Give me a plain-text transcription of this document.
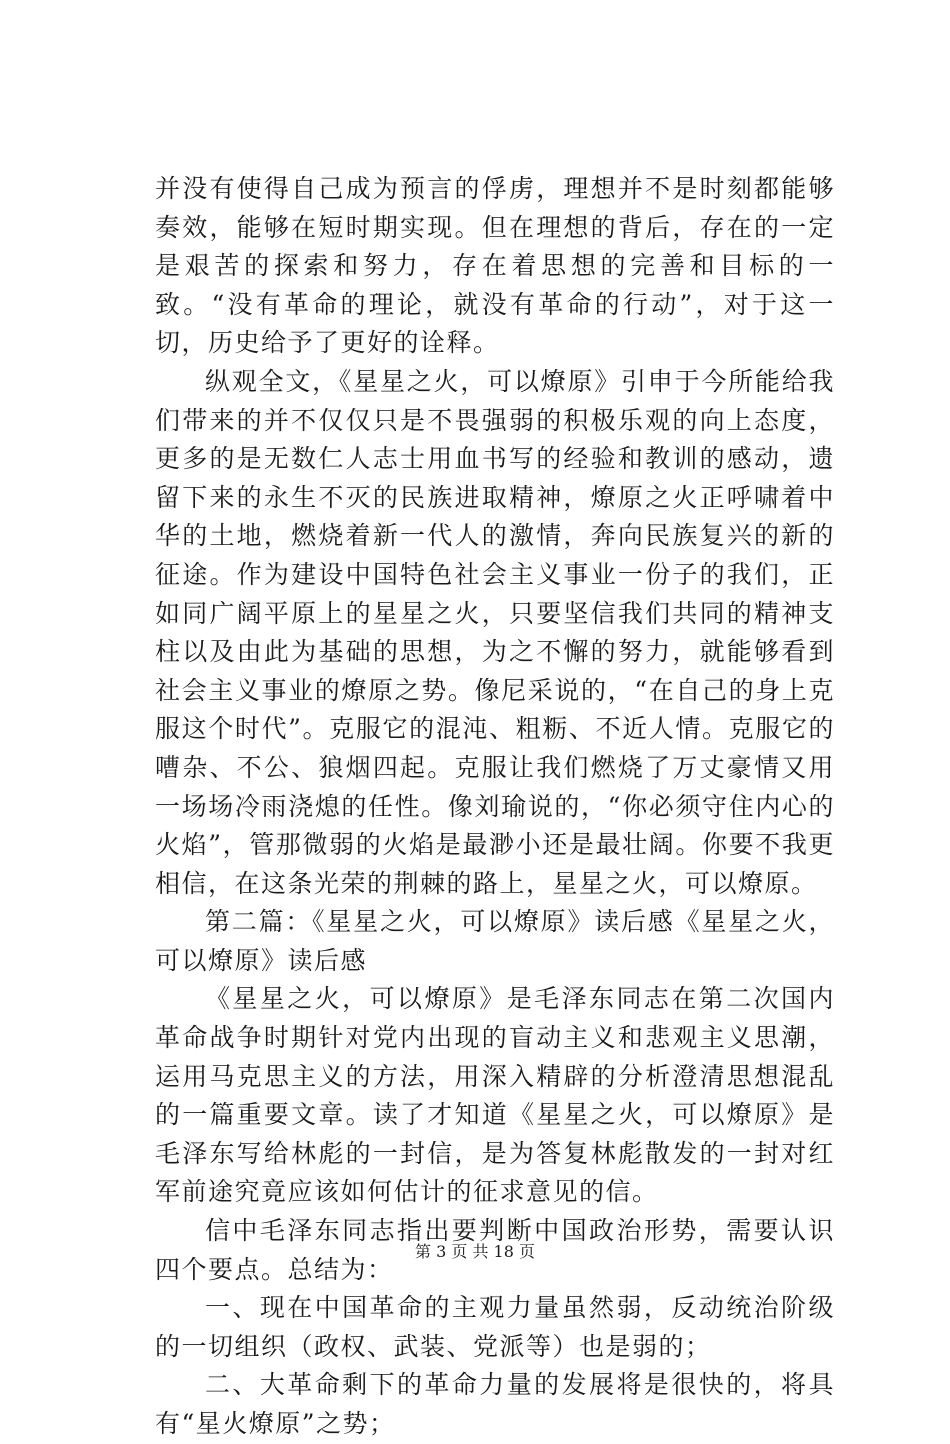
并没有使得自己成为预言的俘虏，理想并不是时刻都能够奏效，能够在短时期实现。但在理想的背后，存在的一定是艰苦的探索和努力，存在着思想的完善和目标的一致。“没有革命的理论，就没有革命的行动”，对于这一切，历史给予了更好的诠释。

纵观全文，《星星之火，可以燎原》引申于今所能给我们带来的并不仅仅只是不畏强弱的积极乐观的向上态度，更多的是无数仁人志士用血书写的经验和教训的感动，遗留下来的永生不灭的民族进取精神，燎原之火正呼啸着中华的土地，燃烧着新一代人的激情，奔向民族复兴的新的征途。作为建设中国特色社会主义事业一份子的我们，正如同广阔平原上的星星之火，只要坚信我们共同的精神支柱以及由此为基础的思想，为之不懈的努力，就能够看到社会主义事业的燎原之势。像尼采说的，“在自己的身上克服这个时代”。克服它的混沌、粗粝、不近人情。克服它的嘈杂、不公、狼烟四起。克服让我们燃烧了万丈豪情又用一场场冷雨浇熄的任性。像刘瑜说的，“你必须守住内心的火焰”，管那微弱的火焰是最渺小还是最壮阔。你要不我更相信，在这条光荣的荆棘的路上，星星之火，可以燎原。

第二篇：《星星之火，可以燎原》读后感《星星之火，可以燎原》读后感

《星星之火，可以燎原》是毛泽东同志在第二次国内革命战争时期针对党内出现的盲动主义和悲观主义思潮，运用马克思主义的方法，用深入精辟的分析澄清思想混乱的一篇重要文章。读了才知道《星星之火，可以燎原》是毛泽东写给林彪的一封信，是为答复林彪散发的一封对红军前途究竟应该如何估计的征求意见的信。

信中毛泽东同志指出要判断中国政治形势，需要认识四个要点。总结为：

一、现在中国革命的主观力量虽然弱，反动统治阶级的一切组织（政权、武装、党派等）也是弱的；

二、大革命剩下的革命力量的发展将是很快的，将具有“星火燎原”之势；

第 3 页 共 18 页
